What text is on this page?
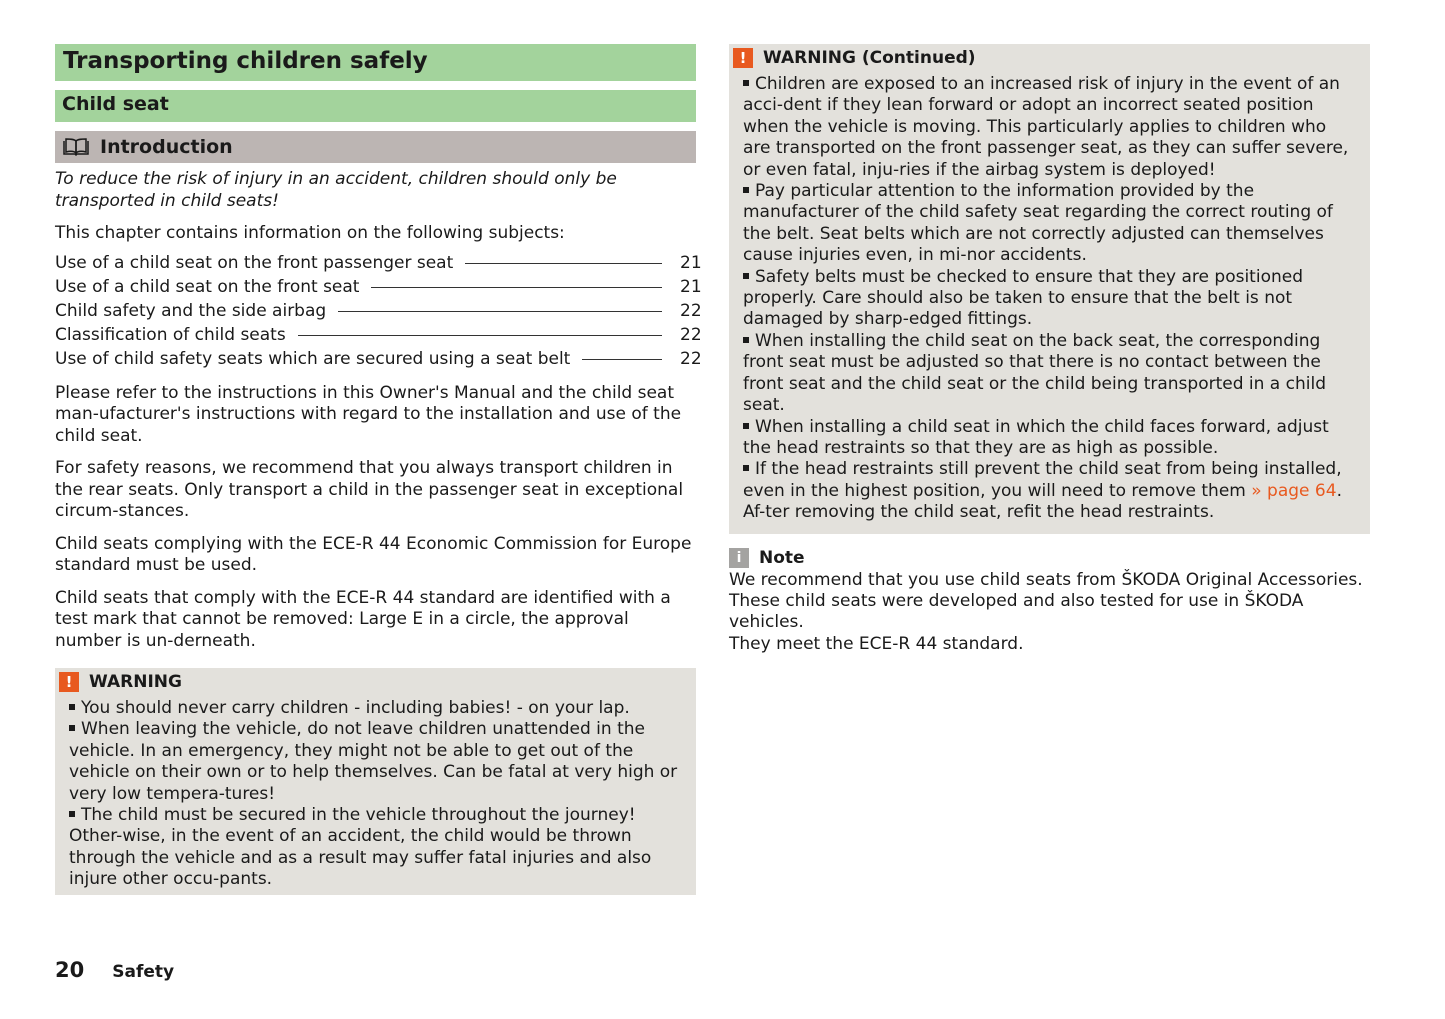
Transporting children safely
Child seat
Introduction

To reduce the risk of injury in an accident, children should only be transported in child seats!

This chapter contains information on the following subjects:

Use of a child seat on the front passenger seat	21
Use of a child seat on the front seat	21
Child safety and the side airbag	22
Classification of child seats	22
Use of child safety seats which are secured using a seat belt	22

Please refer to the instructions in this Owner's Manual and the child seat man-ufacturer's instructions with regard to the installation and use of the child seat.

For safety reasons, we recommend that you always transport children in the rear seats. Only transport a child in the passenger seat in exceptional circum-stances.

Child seats complying with the ECE-R 44 Economic Commission for Europe standard must be used.

Child seats that comply with the ECE-R 44 standard are identified with a test mark that cannot be removed: Large E in a circle, the approval number is un-derneath.

! WARNING

You should never carry children - including babies! - on your lap.

When leaving the vehicle, do not leave children unattended in the vehicle. In an emergency, they might not be able to get out of the vehicle on their own or to help themselves. Can be fatal at very high or very low tempera-tures!

The child must be secured in the vehicle throughout the journey! Other-wise, in the event of an accident, the child would be thrown through the vehicle and as a result may suffer fatal injuries and also injure other occu-pants.

! WARNING (Continued)

Children are exposed to an increased risk of injury in the event of an acci-dent if they lean forward or adopt an incorrect seated position when the vehicle is moving. This particularly applies to children who are transported on the front passenger seat, as they can suffer severe, or even fatal, inju-ries if the airbag system is deployed!

Pay particular attention to the information provided by the manufacturer of the child safety seat regarding the correct routing of the belt. Seat belts which are not correctly adjusted can themselves cause injuries even, in mi-nor accidents.

Safety belts must be checked to ensure that they are positioned properly. Care should also be taken to ensure that the belt is not damaged by sharp-edged fittings.

When installing the child seat on the back seat, the corresponding front seat must be adjusted so that there is no contact between the front seat and the child seat or the child being transported in a child seat.

When installing a child seat in which the child faces forward, adjust the head restraints so that they are as high as possible.

If the head restraints still prevent the child seat from being installed, even in the highest position, you will need to remove them » page 64. Af-ter removing the child seat, refit the head restraints.

i	Note

We recommend that you use child seats from ŠKODA Original Accessories.

These child seats were developed and also tested for use in ŠKODA vehicles.

They meet the ECE-R 44 standard.

20 Safety
